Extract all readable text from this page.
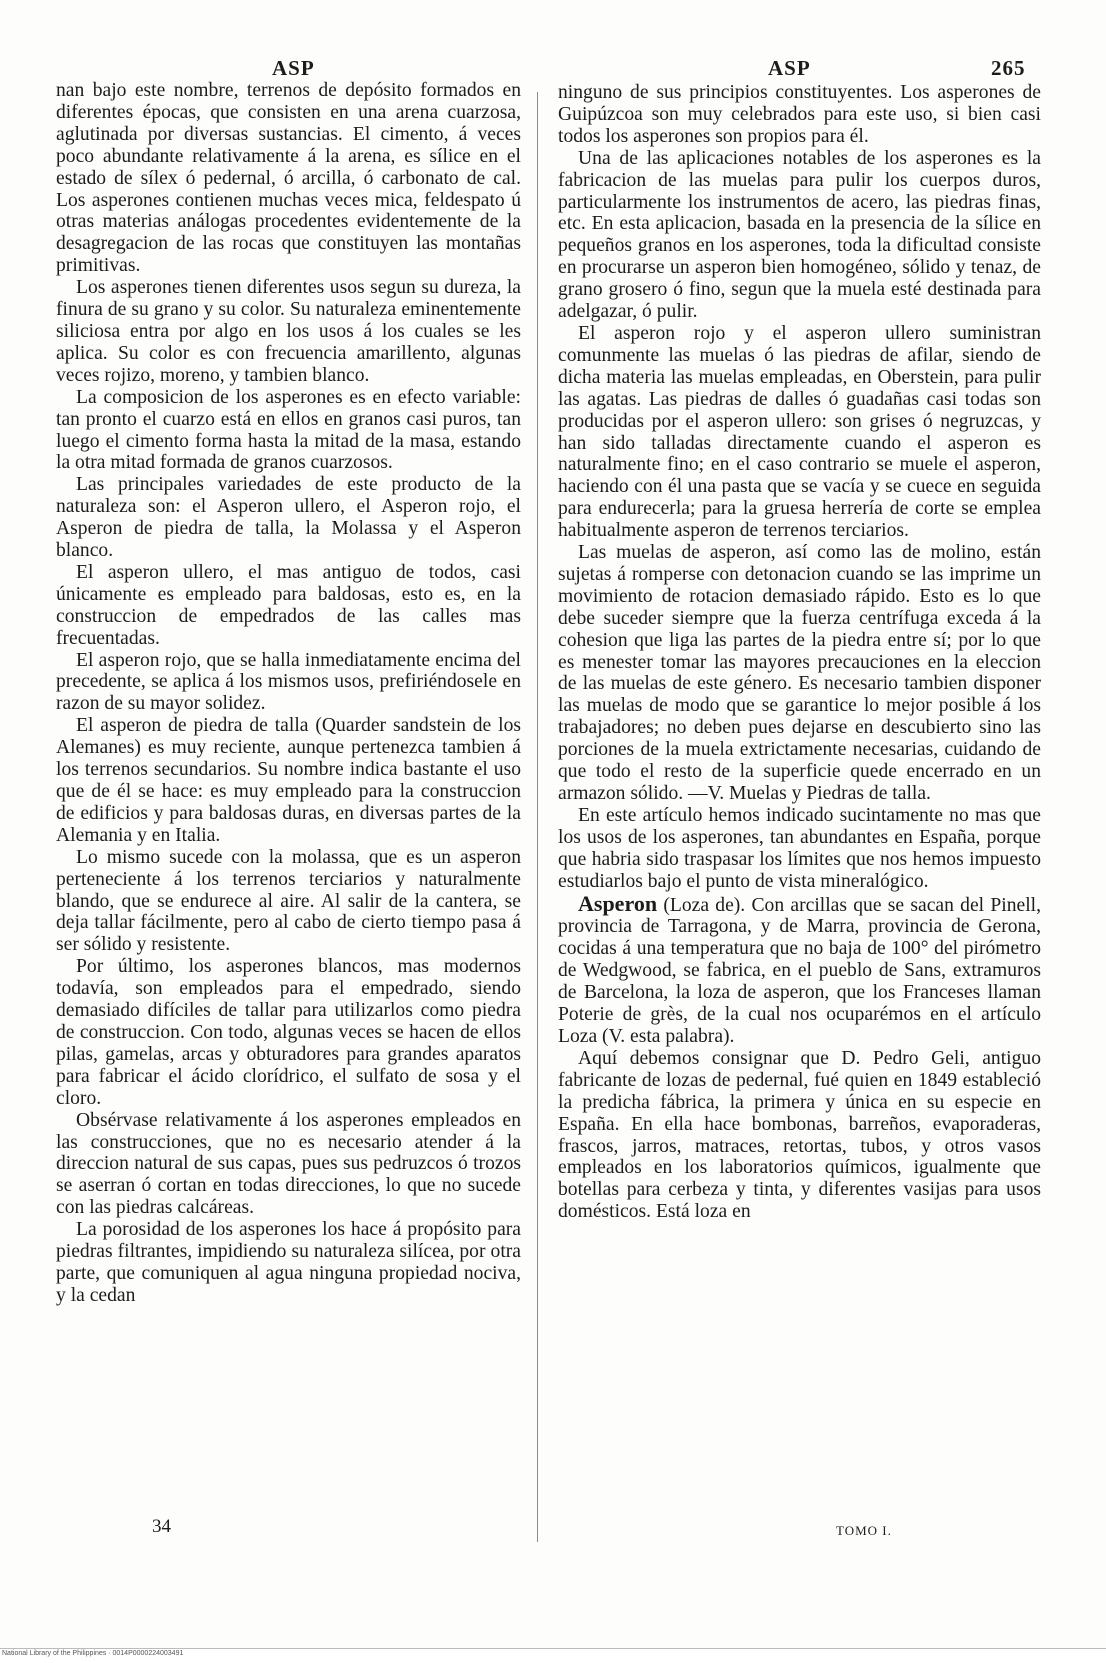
ASP	ASP	265

nan bajo este nombre, terrenos de depósito formados en diferentes épocas, que consisten en una arena cuarzosa, aglutinada por diversas sustancias. El cimento, á veces poco abundante relativamente á la arena, es sílice en el estado de sílex ó pedernal, ó arcilla, ó carbonato de cal. Los asperones contienen muchas veces mica, feldespato ú otras materias análogas procedentes evidentemente de la desagregacion de las rocas que constituyen las montañas primitivas.

Los asperones tienen diferentes usos segun su dureza, la finura de su grano y su color. Su naturaleza eminentemente siliciosa entra por algo en los usos á los cuales se les aplica. Su color es con frecuencia amarillento, algunas veces rojizo, moreno, y tambien blanco.

La composicion de los asperones es en efecto variable: tan pronto el cuarzo está en ellos en granos casi puros, tan luego el cimento forma hasta la mitad de la masa, estando la otra mitad formada de granos cuarzosos.

Las principales variedades de este producto de la naturaleza son: el Asperon ullero, el Asperon rojo, el Asperon de piedra de talla, la Molassa y el Asperon blanco.

El asperon ullero, el mas antiguo de todos, casi únicamente es empleado para baldosas, esto es, en la construccion de empedrados de las calles mas frecuentadas.

El asperon rojo, que se halla inmediatamente encima del precedente, se aplica á los mismos usos, prefiriéndosele en razon de su mayor solidez.

El asperon de piedra de talla (Quarder sandstein de los Alemanes) es muy reciente, aunque pertenezca tambien á los terrenos secundarios. Su nombre indica bastante el uso que de él se hace: es muy empleado para la construccion de edificios y para baldosas duras, en diversas partes de la Alemania y en Italia.

Lo mismo sucede con la molassa, que es un asperon perteneciente á los terrenos terciarios y naturalmente blando, que se endurece al aire. Al salir de la cantera, se deja tallar fácilmente, pero al cabo de cierto tiempo pasa á ser sólido y resistente.

Por último, los asperones blancos, mas modernos todavía, son empleados para el empedrado, siendo demasiado difíciles de tallar para utilizarlos como piedra de construccion. Con todo, algunas veces se hacen de ellos pilas, gamelas, arcas y obturadores para grandes aparatos para fabricar el ácido clorídrico, el sulfato de sosa y el cloro.

Obsérvase relativamente á los asperones empleados en las construcciones, que no es necesario atender á la direccion natural de sus capas, pues sus pedruzcos ó trozos se aserran ó cortan en todas direcciones, lo que no sucede con las piedras calcáreas.

La porosidad de los asperones los hace á propósito para piedras filtrantes, impidiendo su naturaleza silícea, por otra parte, que comuniquen al agua ninguna propiedad nociva, y la cedan

ninguno de sus principios constituyentes. Los asperones de Guipúzcoa son muy celebrados para este uso, si bien casi todos los asperones son propios para él.

Una de las aplicaciones notables de los asperones es la fabricacion de las muelas para pulir los cuerpos duros, particularmente los instrumentos de acero, las piedras finas, etc. En esta aplicacion, basada en la presencia de la sílice en pequeños granos en los asperones, toda la dificultad consiste en procurarse un asperon bien homogéneo, sólido y tenaz, de grano grosero ó fino, segun que la muela esté destinada para adelgazar, ó pulir.

El asperon rojo y el asperon ullero suministran comunmente las muelas ó las piedras de afilar, siendo de dicha materia las muelas empleadas, en Oberstein, para pulir las agatas. Las piedras de dalles ó guadañas casi todas son producidas por el asperon ullero: son grises ó negruzcas, y han sido talladas directamente cuando el asperon es naturalmente fino; en el caso contrario se muele el asperon, haciendo con él una pasta que se vacía y se cuece en seguida para endurecerla; para la gruesa herrería de corte se emplea habitualmente asperon de terrenos terciarios.

Las muelas de asperon, así como las de molino, están sujetas á romperse con detonacion cuando se las imprime un movimiento de rotacion demasiado rápido. Esto es lo que debe suceder siempre que la fuerza centrífuga exceda á la cohesion que liga las partes de la piedra entre sí; por lo que es menester tomar las mayores precauciones en la eleccion de las muelas de este género. Es necesario tambien disponer las muelas de modo que se garantice lo mejor posible á los trabajadores; no deben pues dejarse en descubierto sino las porciones de la muela extrictamente necesarias, cuidando de que todo el resto de la superficie quede encerrado en un armazon sólido. —V. Muelas y Piedras de talla.

En este artículo hemos indicado sucintamente no mas que los usos de los asperones, tan abundantes en España, porque que habria sido traspasar los límites que nos hemos impuesto estudiarlos bajo el punto de vista mineralógico.

Asperon (Loza de). Con arcillas que se sacan del Pinell, provincia de Tarragona, y de Marra, provincia de Gerona, cocidas á una temperatura que no baja de 100° del pirómetro de Wedgwood, se fabrica, en el pueblo de Sans, extramuros de Barcelona, la loza de asperon, que los Franceses llaman Poterie de grès, de la cual nos ocuparémos en el artículo Loza (V. esta palabra).

Aquí debemos consignar que D. Pedro Geli, antiguo fabricante de lozas de pedernal, fué quien en 1849 estableció la predicha fábrica, la primera y única en su especie en España. En ella hace bombonas, barreños, evaporaderas, frascos, jarros, matraces, retortas, tubos, y otros vasos empleados en los laboratorios químicos, igualmente que botellas para cerbeza y tinta, y diferentes vasijas para usos domésticos. Está loza en

34	TOMO I.
National Library of the Philippines · 0014P0000224003491
